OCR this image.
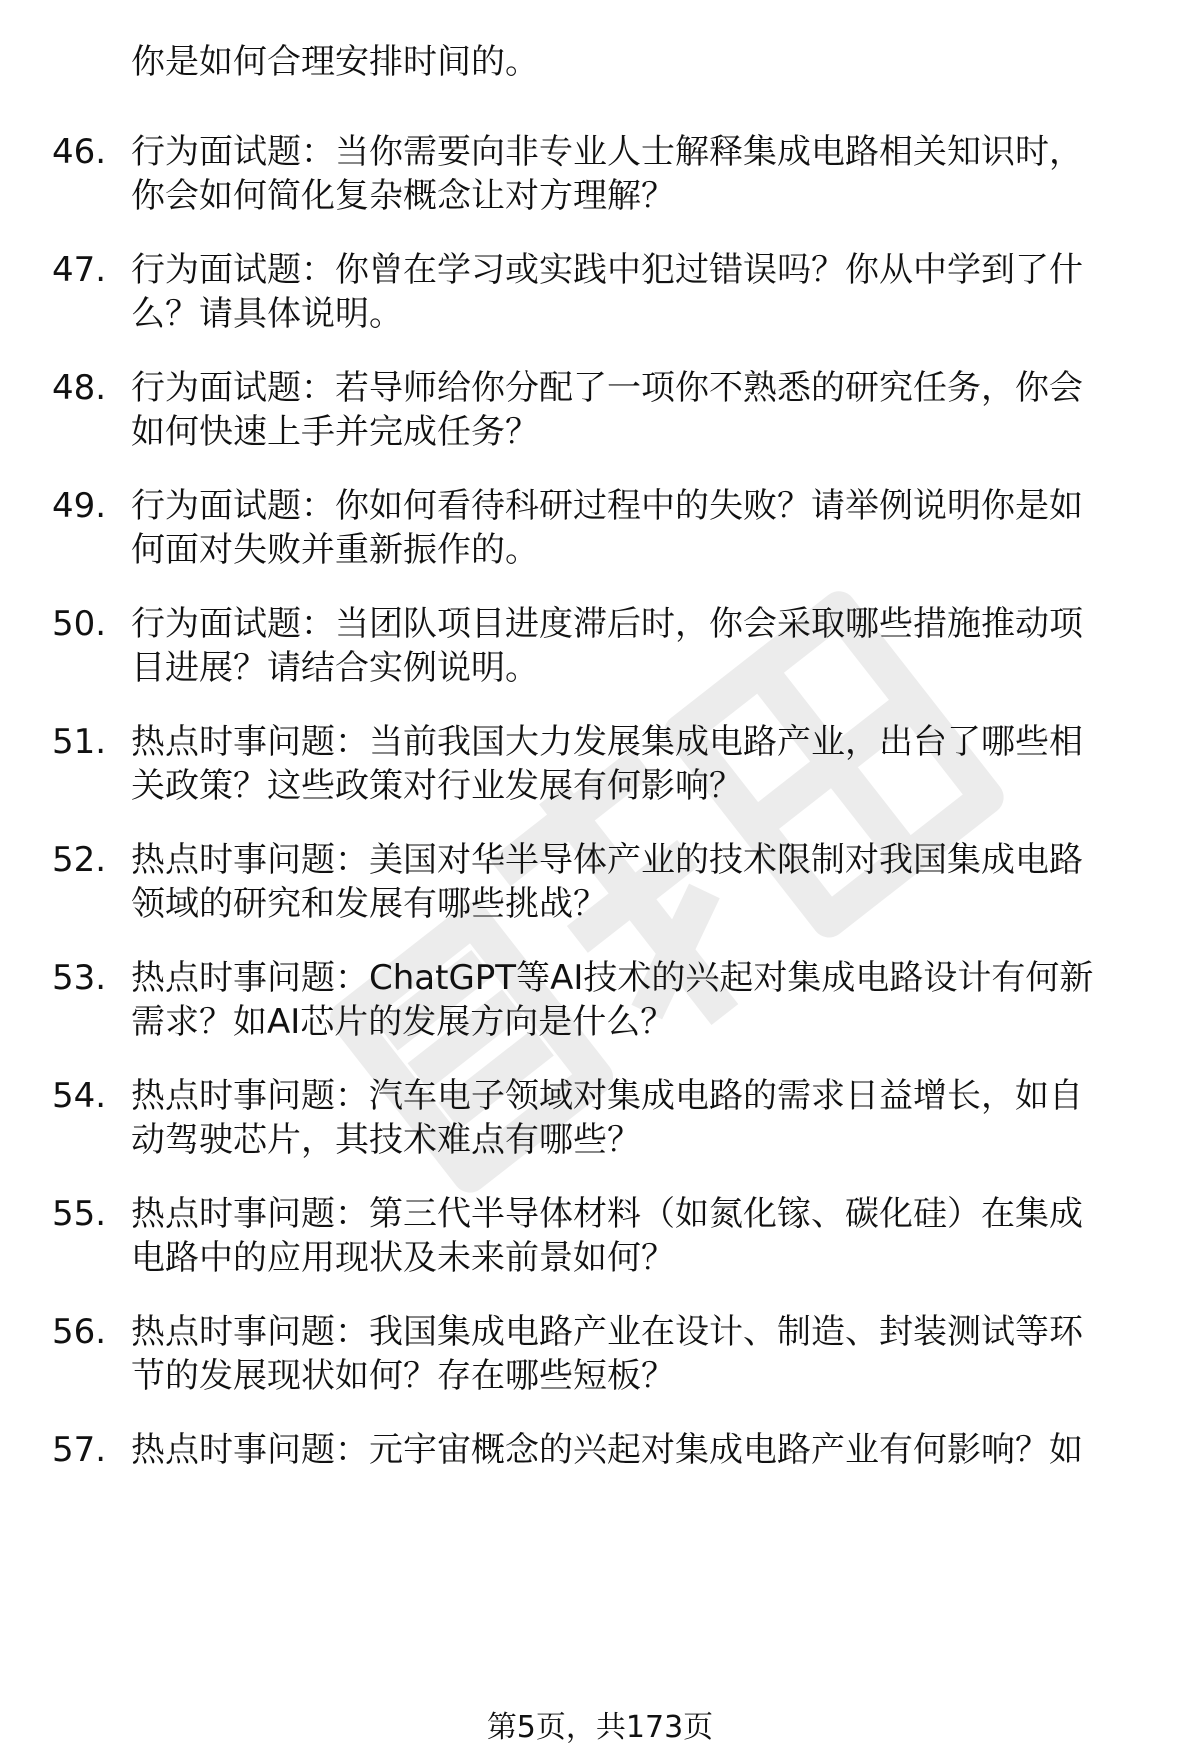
你是如何合理安排时间的。
46. 行为面试题：当你需要向非专业人士解释集成电路相关知识时，
你会如何简化复杂概念让对方理解？
47. 行为面试题：你曾在学习或实践中犯过错误吗？你从中学到了什
么？请具体说明。
48. 行为面试题：若导师给你分配了一项你不熟悉的研究任务，你会
如何快速上手并完成任务？
49. 行为面试题：你如何看待科研过程中的失败？请举例说明你是如
何面对失败并重新振作的。
50. 行为面试题：当团队项目进度滞后时，你会采取哪些措施推动项
目进展？请结合实例说明。
51. 热点时事问题：当前我国大力发展集成电路产业，出台了哪些相
关政策？这些政策对行业发展有何影响？
52. 热点时事问题：美国对华半导体产业的技术限制对我国集成电路
领域的研究和发展有哪些挑战？
53. 热点时事问题：ChatGPT等AI技术的兴起对集成电路设计有何新
需求？如AI芯片的发展方向是什么？
54. 热点时事问题：汽车电子领域对集成电路的需求日益增长，如自
动驾驶芯片，其技术难点有哪些？
55. 热点时事问题：第三代半导体材料（如氮化镓、碳化硅）在集成
电路中的应用现状及未来前景如何？
56. 热点时事问题：我国集成电路产业在设计、制造、封装测试等环
节的发展现状如何？存在哪些短板？
57. 热点时事问题：元宇宙概念的兴起对集成电路产业有何影响？如
第5页，共173页
